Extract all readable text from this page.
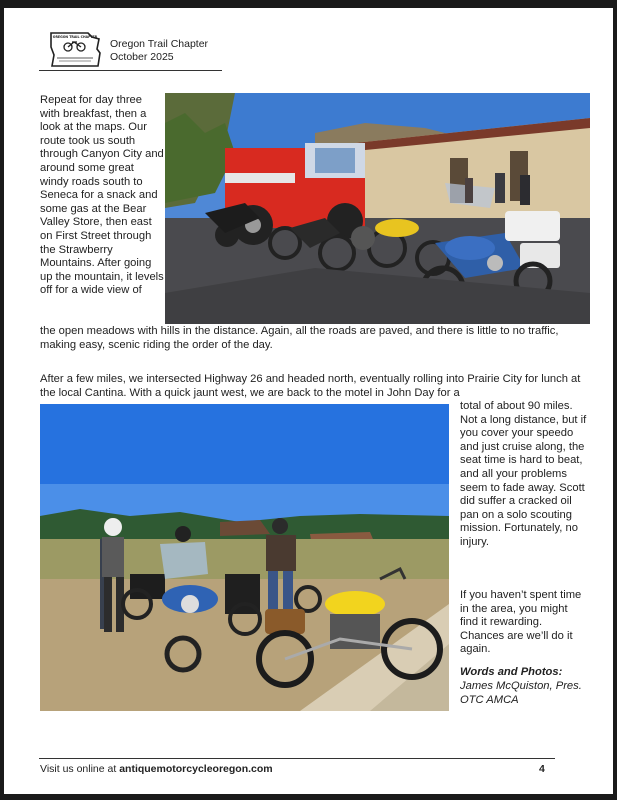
OREGON TRAIL CHAPTER
Oregon Trail Chapter
October 2025

Repeat for day three with breakfast, then a look at the maps. Our route took us south through Canyon City and around some great windy roads south to Seneca for a snack and some gas at the Bear Valley Store, then east on First Street through the Strawberry Mountains. After going up the mountain, it levels off for a wide view of

the open meadows with hills in the distance. Again, all the roads are paved, and there is little to no traffic, making easy, scenic riding the order of the day.

After a few miles, we intersected Highway 26 and headed north, eventually rolling into Prairie City for lunch at the local Cantina. With a quick jaunt west, we are back to the motel in John Day for a

total of about 90 miles. Not a long distance, but if you cover your speedo and just cruise along, the seat time is hard to beat, and all your problems seem to fade away. Scott did suffer a cracked oil pan on a solo scouting mission. Fortunately, no injury.

If you haven’t spent time in the area, you might find it rewarding. Chances are we’ll do it again.

Words and Photos:
James McQuiston, Pres. OTC AMCA
Visit us online at antiquemotorcycleoregon.com	4
